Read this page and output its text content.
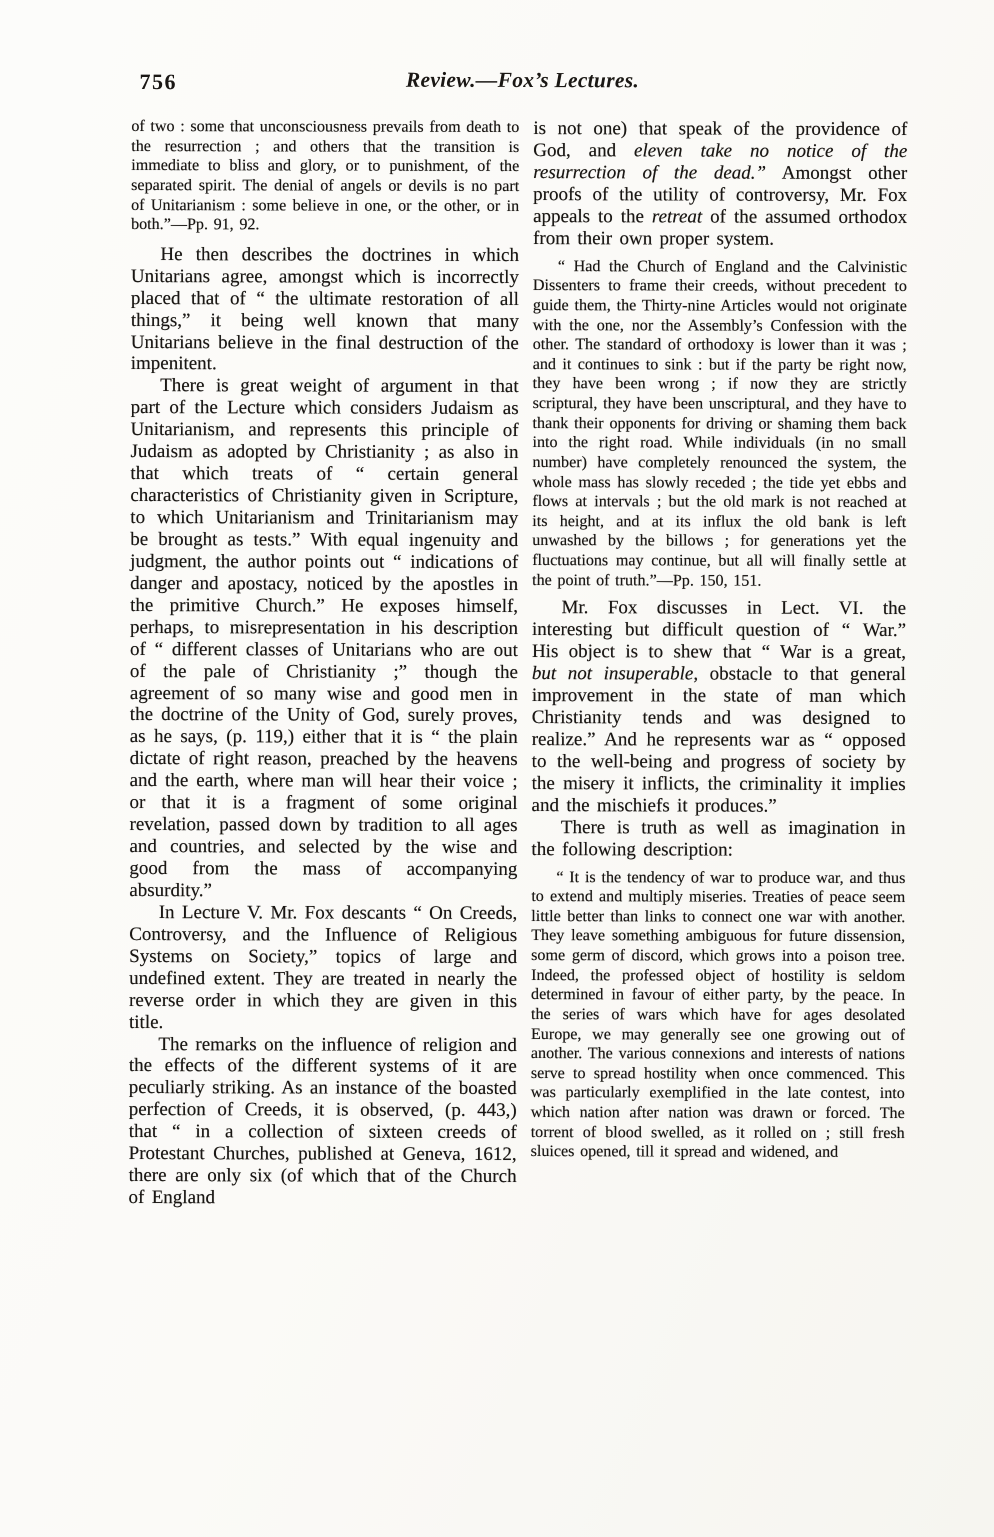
756	Review.—Fox’s Lectures.

of two : some that unconsciousness prevails from death to the resurrection ; and others that the transition is immediate to bliss and glory, or to punishment, of the separated spirit. The denial of angels or devils is no part of Unitarianism : some believe in one, or the other, or in both.”—Pp. 91, 92.

He then describes the doctrines in which Unitarians agree, amongst which is incorrectly placed that of “ the ultimate restoration of all things,” it being well known that many Unitarians believe in the final destruction of the impenitent.

There is great weight of argument in that part of the Lecture which considers Judaism as Unitarianism, and represents this principle of Judaism as adopted by Christianity ; as also in that which treats of “ certain general characteristics of Christianity given in Scripture, to which Unitarianism and Trinitarianism may be brought as tests.” With equal ingenuity and judgment, the author points out “ indications of danger and apostacy, noticed by the apostles in the primitive Church.” He exposes himself, perhaps, to misrepresentation in his description of “ different classes of Unitarians who are out of the pale of Christianity ;” though the agreement of so many wise and good men in the doctrine of the Unity of God, surely proves, as he says, (p. 119,) either that it is “ the plain dictate of right reason, preached by the heavens and the earth, where man will hear their voice ; or that it is a fragment of some original revelation, passed down by tradition to all ages and countries, and selected by the wise and good from the mass of accompanying absurdity.”

In Lecture V. Mr. Fox descants “ On Creeds, Controversy, and the Influence of Religious Systems on Society,” topics of large and undefined extent. They are treated in nearly the reverse order in which they are given in this title.

The remarks on the influence of religion and the effects of the different systems of it are peculiarly striking. As an instance of the boasted perfection of Creeds, it is observed, (p. 443,) that “ in a collection of sixteen creeds of Protestant Churches, published at Geneva, 1612, there are only six (of which that of the Church of England

is not one) that speak of the providence of God, and eleven take no notice of the resurrection of the dead.” Amongst other proofs of the utility of controversy, Mr. Fox appeals to the retreat of the assumed orthodox from their own proper system.

“ Had the Church of England and the Calvinistic Dissenters to frame their creeds, without precedent to guide them, the Thirty-nine Articles would not originate with the one, nor the Assembly’s Confession with the other. The standard of orthodoxy is lower than it was ; and it continues to sink : but if the party be right now, they have been wrong ; if now they are strictly scriptural, they have been unscriptural, and they have to thank their opponents for driving or shaming them back into the right road. While individuals (in no small number) have completely renounced the system, the whole mass has slowly receded ; the tide yet ebbs and flows at intervals ; but the old mark is not reached at its height, and at its influx the old bank is left unwashed by the billows ; for generations yet the fluctuations may continue, but all will finally settle at the point of truth.”—Pp. 150, 151.

Mr. Fox discusses in Lect. VI. the interesting but difficult question of “ War.” His object is to shew that “ War is a great, but not insuperable, obstacle to that general improvement in the state of man which Christianity tends and was designed to realize.” And he represents war as “ opposed to the well-being and progress of society by the misery it inflicts, the criminality it implies and the mischiefs it produces.”

There is truth as well as imagination in the following description:

“ It is the tendency of war to produce war, and thus to extend and multiply miseries. Treaties of peace seem little better than links to connect one war with another. They leave something ambiguous for future dissension, some germ of discord, which grows into a poison tree. Indeed, the professed object of hostility is seldom determined in favour of either party, by the peace. In the series of wars which have for ages desolated Europe, we may generally see one growing out of another. The various connexions and interests of nations serve to spread hostility when once commenced. This was particularly exemplified in the late contest, into which nation after nation was drawn or forced. The torrent of blood swelled, as it rolled on ; still fresh sluices opened, till it spread and widened, and
